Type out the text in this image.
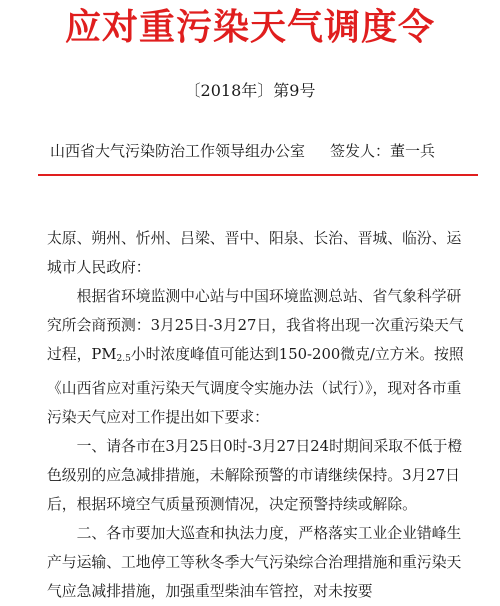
应对重污染天气调度令
〔2018年〕第9号
山西省大气污染防治工作领导组办公室 签发人：董一兵

太原、朔州、忻州、吕梁、晋中、阳泉、长治、晋城、临汾、运城市人民政府：

根据省环境监测中心站与中国环境监测总站、省气象科学研究所会商预测：3月25日-3月27日，我省将出现一次重污染天气过程，$PM_{2.5}$小时浓度峰值可能达到150-200微克/立方米。按照《山西省应对重污染天气调度令实施办法（试行）》，现对各市重污染天气应对工作提出如下要求：

一、请各市在3月25日0时-3月27日24时期间采取不低于橙色级别的应急减排措施，未解除预警的市请继续保持。3月27日后，根据环境空气质量预测情况，决定预警持续或解除。

二、各市要加大巡查和执法力度，严格落实工业企业错峰生产与运输、工地停工等秋冬季大气污染综合治理措施和重污染天气应急减排措施，加强重型柴油车管控，对未按要
